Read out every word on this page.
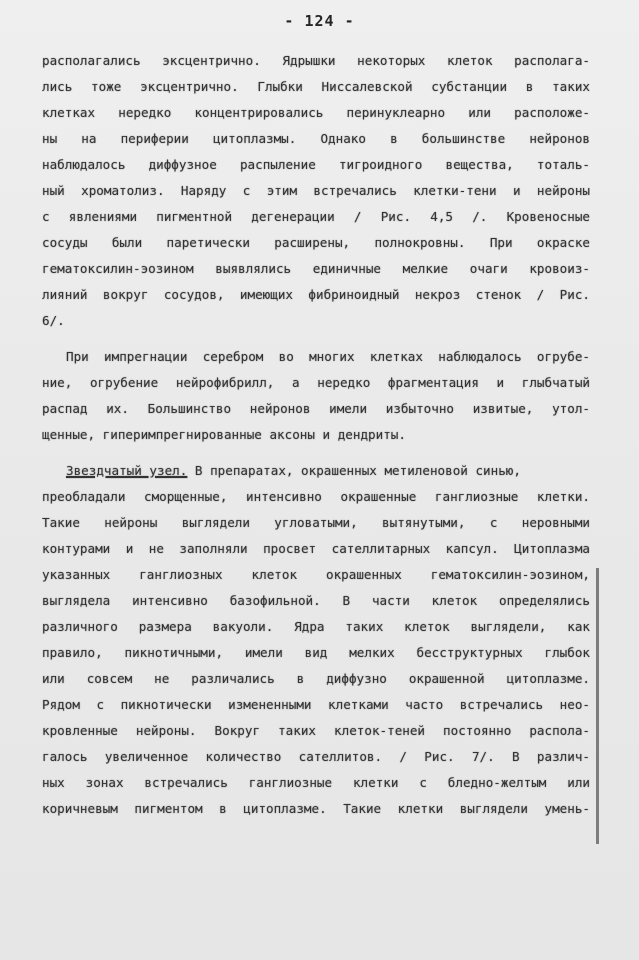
- 124 -
располагались эксцентрично. Ядрышки некоторых клеток располага-
лись тоже эксцентрично. Глыбки Ниссалевской субстанции в таких
клетках нередко концентрировались перинуклеарно или расположе-
ны на периферии цитоплазмы. Однако в большинстве нейронов
наблюдалось диффузное распыление тигроидного вещества, тоталь-
ный хроматолиз. Наряду с этим встречались клетки-тени и нейроны
с явлениями пигментной дегенерации / Рис. 4,5 /. Кровеносные
сосуды были паретически расширены, полнокровны. При окраске
гематоксилин-эозином выявлялись единичные мелкие очаги кровоиз-
лияний вокруг сосудов, имеющих фибриноидный некроз стенок / Рис.
6/.
При импрегнации серебром во многих клетках наблюдалось огрубе-
ние, огрубение нейрофибрилл, а нередко фрагментация и глыбчатый
распад их. Большинство нейронов имели избыточно извитые, утол-
щенные, гиперимпрегнированные аксоны и дендриты.
Звездчатый узел. В препаратах, окрашенных метиленовой синью,
преобладали сморщенные, интенсивно окрашенные ганглиозные клетки.
Такие нейроны выглядели угловатыми, вытянутыми, с неровными
контурами и не заполняли просвет сателлитарных капсул. Цитоплазма
указанных ганглиозных клеток окрашенных гематоксилин-эозином,
выглядела интенсивно базофильной. В части клеток определялись
различного размера вакуоли. Ядра таких клеток выглядели, как
правило, пикнотичными, имели вид мелких бесструктурных глыбок
или совсем не различались в диффузно окрашенной цитоплазме.
Рядом с пикнотически измененными клетками часто встречались нео-
кровленные нейроны. Вокруг таких клеток-теней постоянно распола-
галось увеличенное количество сателлитов. / Рис. 7/. В различ-
ных зонах встречались ганглиозные клетки с бледно-желтым или
коричневым пигментом в цитоплазме. Такие клетки выглядели умень-
